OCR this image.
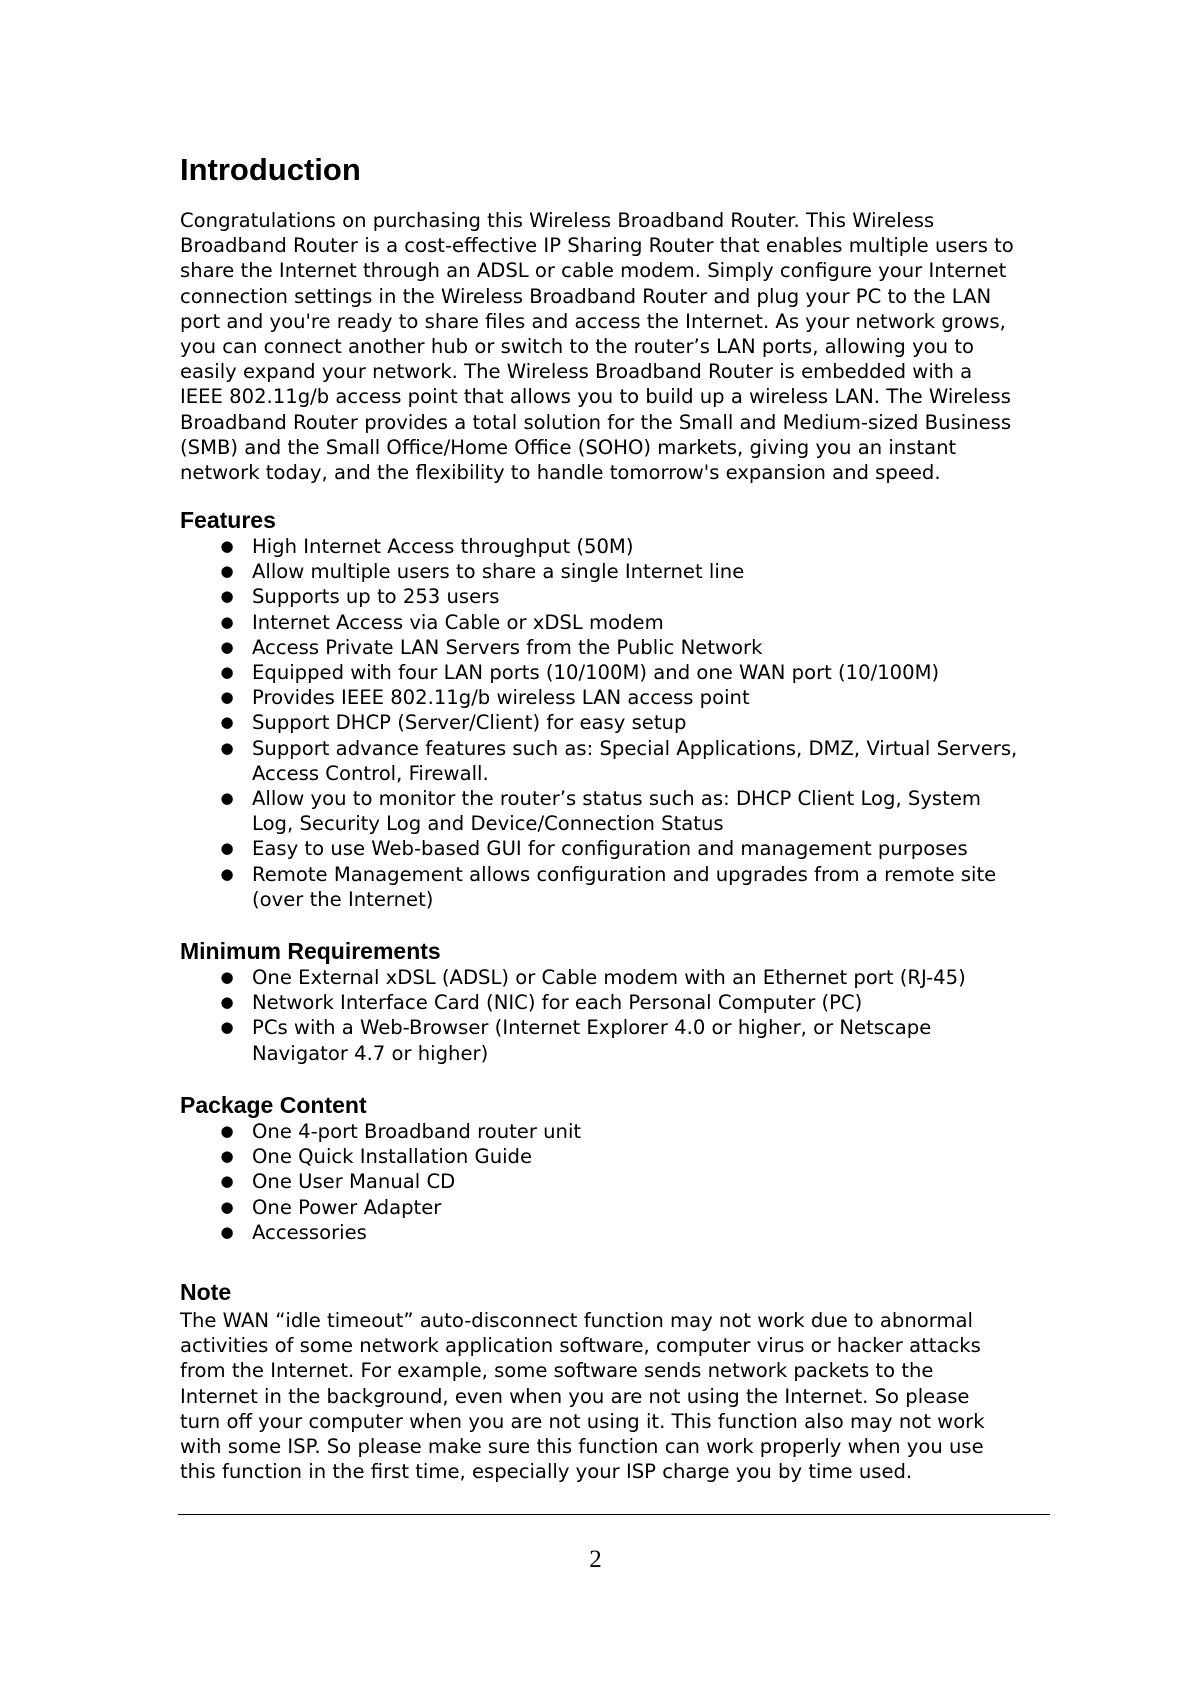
Introduction
Congratulations on purchasing this Wireless Broadband Router. This Wireless
Broadband Router is a cost-effective IP Sharing Router that enables multiple users to
share the Internet through an ADSL or cable modem. Simply configure your Internet
connection settings in the Wireless Broadband Router and plug your PC to the LAN
port and you're ready to share files and access the Internet. As your network grows,
you can connect another hub or switch to the router’s LAN ports, allowing you to
easily expand your network. The Wireless Broadband Router is embedded with a
IEEE 802.11g/b access point that allows you to build up a wireless LAN. The Wireless
Broadband Router provides a total solution for the Small and Medium-sized Business
(SMB) and the Small Office/Home Office (SOHO) markets, giving you an instant
network today, and the flexibility to handle tomorrow's expansion and speed.
Features
● High Internet Access throughput (50M)
● Allow multiple users to share a single Internet line
● Supports up to 253 users
● Internet Access via Cable or xDSL modem
● Access Private LAN Servers from the Public Network
● Equipped with four LAN ports (10/100M) and one WAN port (10/100M)
● Provides IEEE 802.11g/b wireless LAN access point
● Support DHCP (Server/Client) for easy setup
● Support advance features such as: Special Applications, DMZ, Virtual Servers,
Access Control, Firewall.
● Allow you to monitor the router’s status such as: DHCP Client Log, System
Log, Security Log and Device/Connection Status
● Easy to use Web-based GUI for configuration and management purposes
● Remote Management allows configuration and upgrades from a remote site
(over the Internet)
Minimum Requirements
● One External xDSL (ADSL) or Cable modem with an Ethernet port (RJ-45)
● Network Interface Card (NIC) for each Personal Computer (PC)
● PCs with a Web-Browser (Internet Explorer 4.0 or higher, or Netscape
Navigator 4.7 or higher)
Package Content
● One 4-port Broadband router unit
● One Quick Installation Guide
● One User Manual CD
● One Power Adapter
● Accessories
Note
The WAN “idle timeout” auto-disconnect function may not work due to abnormal
activities of some network application software, computer virus or hacker attacks
from the Internet. For example, some software sends network packets to the
Internet in the background, even when you are not using the Internet. So please
turn off your computer when you are not using it. This function also may not work
with some ISP. So please make sure this function can work properly when you use
this function in the first time, especially your ISP charge you by time used.
2
